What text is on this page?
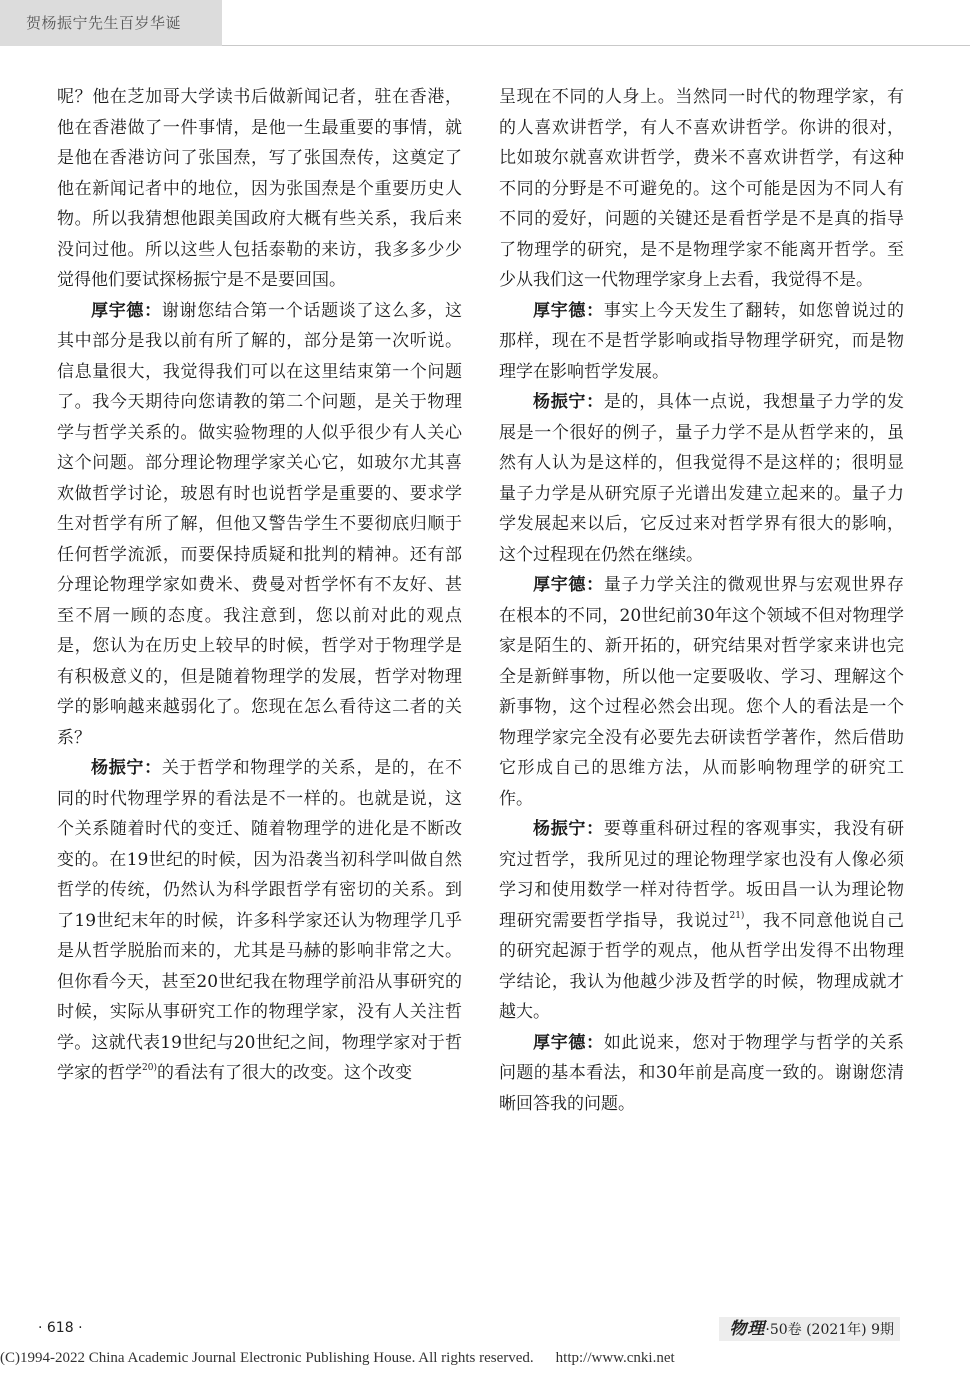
贺杨振宁先生百岁华诞

呢？他在芝加哥大学读书后做新闻记者，驻在香港，他在香港做了一件事情，是他一生最重要的事情，就是他在香港访问了张国焘，写了张国焘传，这奠定了他在新闻记者中的地位，因为张国焘是个重要历史人物。所以我猜想他跟美国政府大概有些关系，我后来没问过他。所以这些人包括泰勒的来访，我多多少少觉得他们要试探杨振宁是不是要回国。

厚宇德：谢谢您结合第一个话题谈了这么多，这其中部分是我以前有所了解的，部分是第一次听说。信息量很大，我觉得我们可以在这里结束第一个问题了。我今天期待向您请教的第二个问题，是关于物理学与哲学关系的。做实验物理的人似乎很少有人关心这个问题。部分理论物理学家关心它，如玻尔尤其喜欢做哲学讨论，玻恩有时也说哲学是重要的、要求学生对哲学有所了解，但他又警告学生不要彻底归顺于任何哲学流派，而要保持质疑和批判的精神。还有部分理论物理学家如费米、费曼对哲学怀有不友好、甚至不屑一顾的态度。我注意到，您以前对此的观点是，您认为在历史上较早的时候，哲学对于物理学是有积极意义的，但是随着物理学的发展，哲学对物理学的影响越来越弱化了。您现在怎么看待这二者的关系？

杨振宁：关于哲学和物理学的关系，是的，在不同的时代物理学界的看法是不一样的。也就是说，这个关系随着时代的变迁、随着物理学的进化是不断改变的。在19世纪的时候，因为沿袭当初科学叫做自然哲学的传统，仍然认为科学跟哲学有密切的关系。到了19世纪末年的时候，许多科学家还认为物理学几乎是从哲学脱胎而来的，尤其是马赫的影响非常之大。但你看今天，甚至20世纪我在物理学前沿从事研究的时候，实际从事研究工作的物理学家，没有人关注哲学。这就代表19世纪与20世纪之间，物理学家对于哲学家的哲学$^{20)}$的看法有了很大的改变。这个改变

呈现在不同的人身上。当然同一时代的物理学家，有的人喜欢讲哲学，有人不喜欢讲哲学。你讲的很对，比如玻尔就喜欢讲哲学，费米不喜欢讲哲学，有这种不同的分野是不可避免的。这个可能是因为不同人有不同的爱好，问题的关键还是看哲学是不是真的指导了物理学的研究，是不是物理学家不能离开哲学。至少从我们这一代物理学家身上去看，我觉得不是。

厚宇德：事实上今天发生了翻转，如您曾说过的那样，现在不是哲学影响或指导物理学研究，而是物理学在影响哲学发展。

杨振宁：是的，具体一点说，我想量子力学的发展是一个很好的例子，量子力学不是从哲学来的，虽然有人认为是这样的，但我觉得不是这样的；很明显量子力学是从研究原子光谱出发建立起来的。量子力学发展起来以后，它反过来对哲学界有很大的影响，这个过程现在仍然在继续。

厚宇德：量子力学关注的微观世界与宏观世界存在根本的不同，20世纪前30年这个领域不但对物理学家是陌生的、新开拓的，研究结果对哲学家来讲也完全是新鲜事物，所以他一定要吸收、学习、理解这个新事物，这个过程必然会出现。您个人的看法是一个物理学家完全没有必要先去研读哲学著作，然后借助它形成自己的思维方法，从而影响物理学的研究工作。

杨振宁：要尊重科研过程的客观事实，我没有研究过哲学，我所见过的理论物理学家也没有人像必须学习和使用数学一样对待哲学。坂田昌一认为理论物理研究需要哲学指导，我说过$^{21)}$，我不同意他说自己的研究起源于哲学的观点，他从哲学出发得不出物理学结论，我认为他越少涉及哲学的时候，物理成就才越大。

厚宇德：如此说来，您对于物理学与哲学的关系问题的基本看法，和30年前是高度一致的。谢谢您清晰回答我的问题。

· 618 ·	物理·50卷 (2021年) 9期
(C)1994-2022 China Academic Journal Electronic Publishing House. All rights reserved. http://www.cnki.net
